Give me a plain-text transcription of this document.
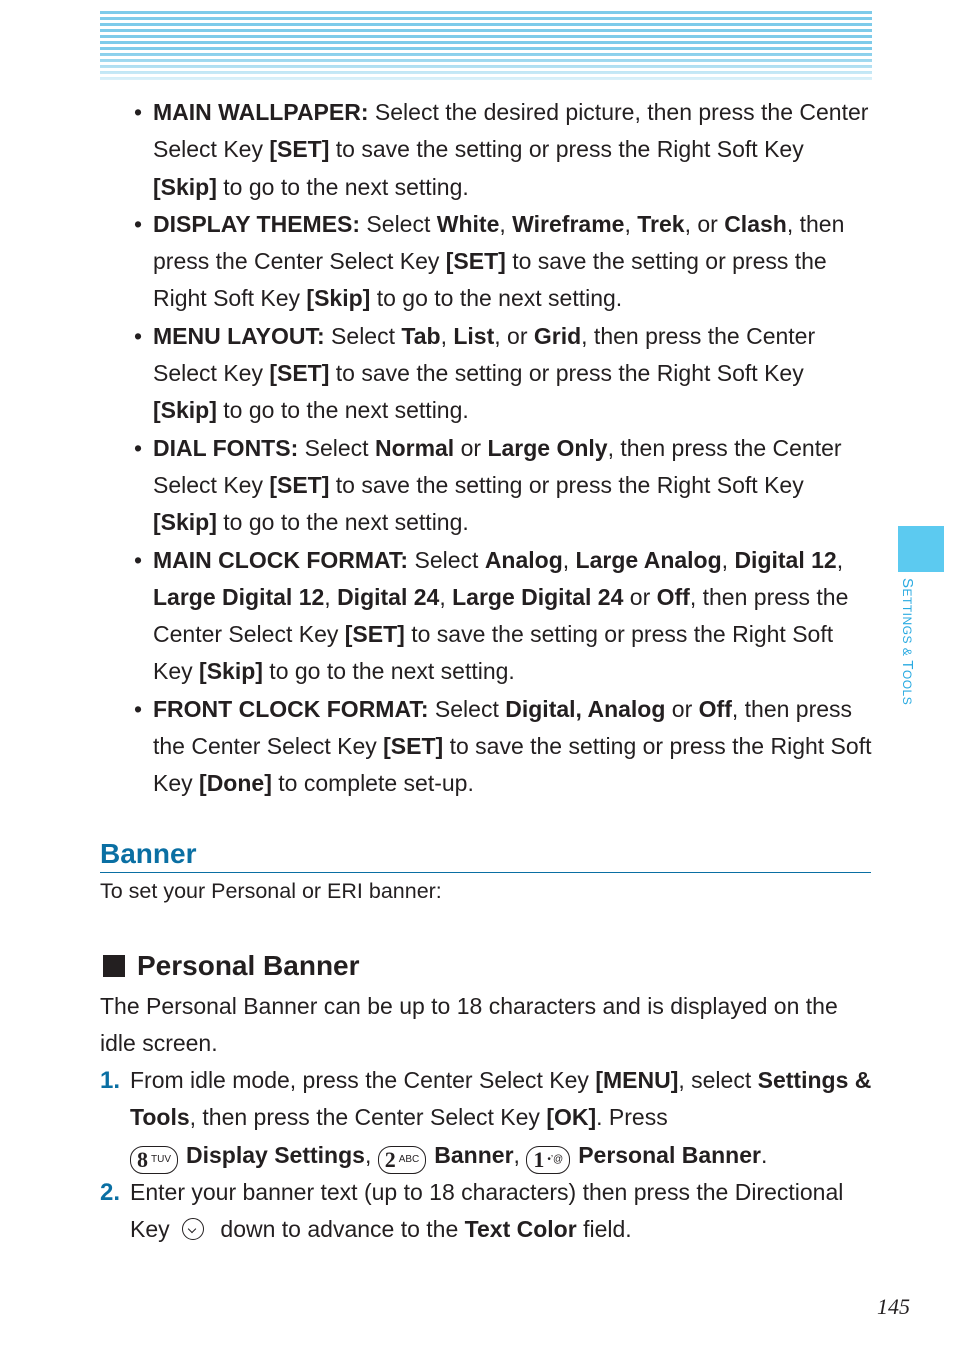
SETTINGS & TOOLS
• MAIN WALLPAPER: Select the desired picture, then press the Center Select Key [SET] to save the setting or press the Right Soft Key [Skip] to go to the next setting.
• DISPLAY THEMES: Select White, Wireframe, Trek, or Clash, then press the Center Select Key [SET] to save the setting or press the Right Soft Key [Skip] to go to the next setting.
• MENU LAYOUT: Select Tab, List, or Grid, then press the Center Select Key [SET] to save the setting or press the Right Soft Key [Skip] to go to the next setting.
• DIAL FONTS: Select Normal or Large Only, then press the Center Select Key [SET] to save the setting or press the Right Soft Key [Skip] to go to the next setting.
• MAIN CLOCK FORMAT: Select Analog, Large Analog, Digital 12, Large Digital 12, Digital 24, Large Digital 24 or Off, then press the Center Select Key [SET] to save the setting or press the Right Soft Key [Skip] to go to the next setting.
• FRONT CLOCK FORMAT: Select Digital, Analog or Off, then press the Center Select Key [SET] to save the setting or press the Right Soft Key [Done] to complete set-up.
Banner
To set your Personal or ERI banner:
Personal Banner
The Personal Banner can be up to 18 characters and is displayed on the idle screen.
1. From idle mode, press the Center Select Key [MENU], select Settings & Tools, then press the Center Select Key [OK]. Press

8 TUV Display Settings, 2 ABC Banner, 1 •’@ Personal Banner.
2. Enter your banner text (up to 18 characters) then press the Directional Key  down to advance to the Text Color field.
145
